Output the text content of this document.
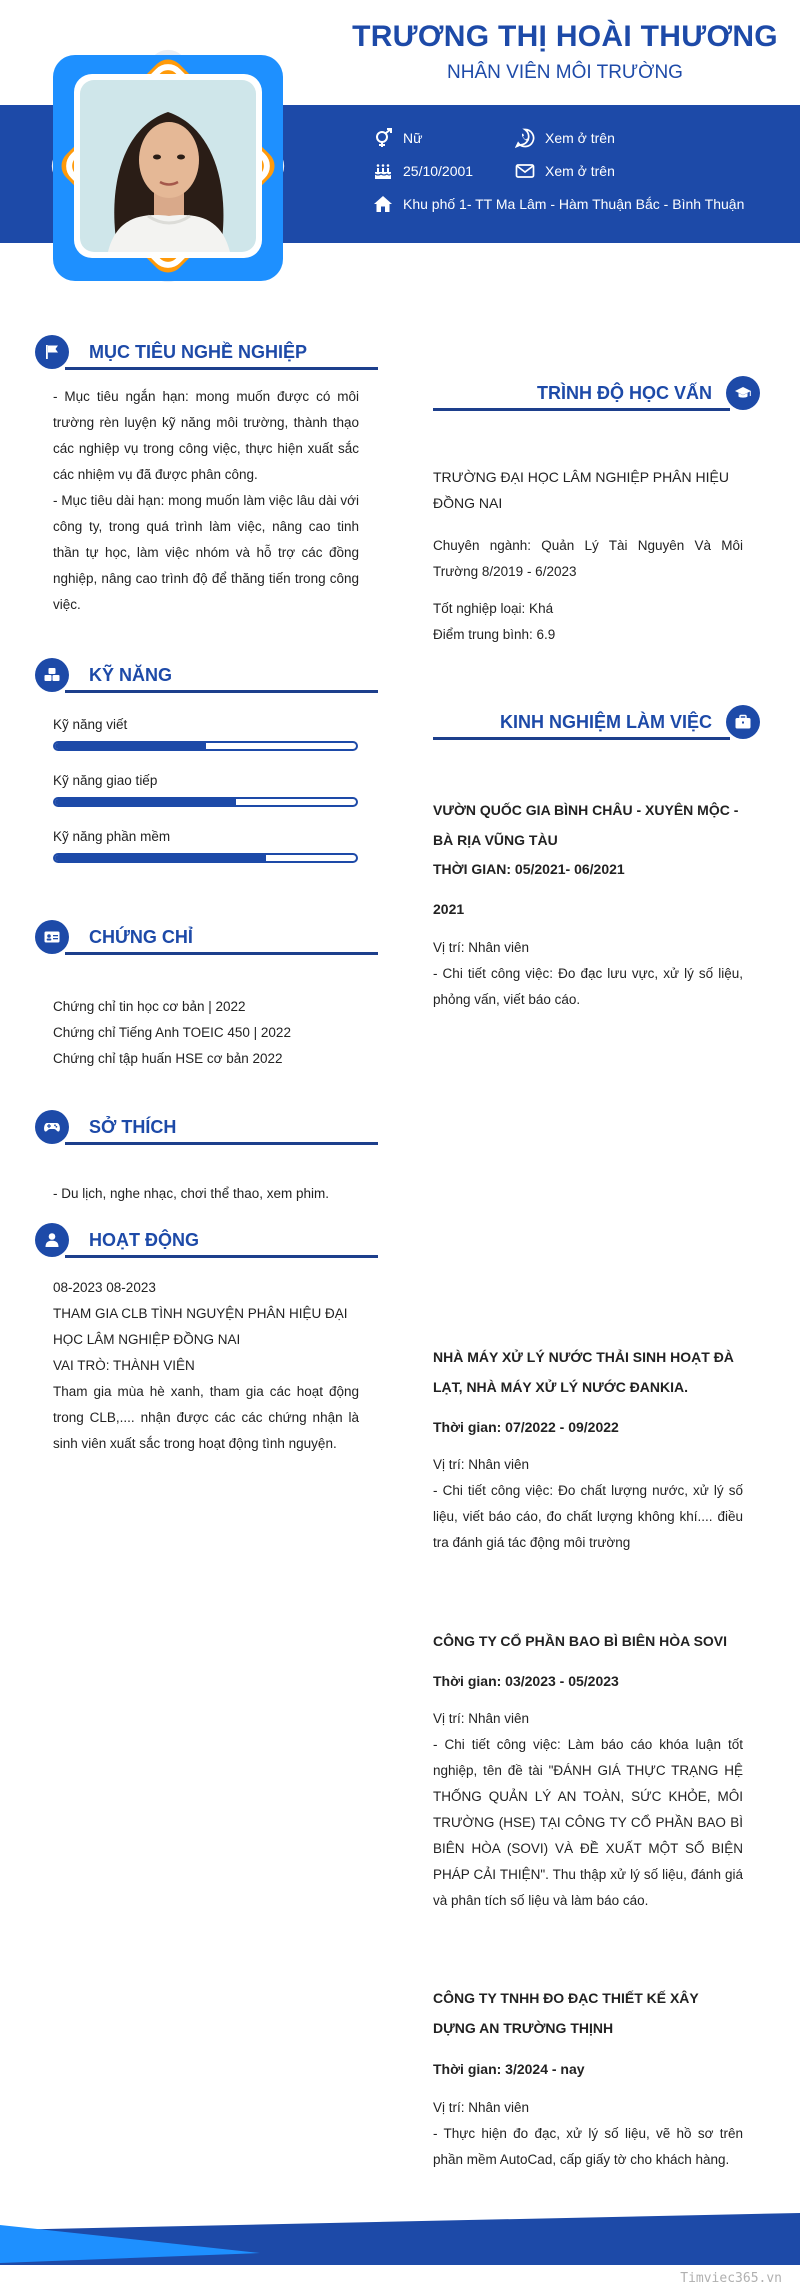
TRƯƠNG THỊ HOÀI THƯƠNG
NHÂN VIÊN MÔI TRƯỜNG
Nữ	Xem ở trên
25/10/2001	Xem ở trên
Khu phố 1- TT Ma Lâm - Hàm Thuận Bắc - Bình Thuận
MỤC TIÊU NGHỀ NGHIỆP
- Mục tiêu ngắn hạn: mong muốn được có môi trường rèn luyện kỹ năng môi trường, thành thạo các nghiệp vụ trong công việc, thực hiện xuất sắc các nhiệm vụ đã được phân công.
- Mục tiêu dài hạn: mong muốn làm việc lâu dài với công ty, trong quá trình làm việc, nâng cao tinh thần tự học, làm việc nhóm và hỗ trợ các đồng nghiệp, nâng cao trình độ để thăng tiến trong công việc.
KỸ NĂNG
Kỹ năng viết
Kỹ năng giao tiếp
Kỹ năng phần mềm
CHỨNG CHỈ
Chứng chỉ tin học cơ bản | 2022
Chứng chỉ Tiếng Anh TOEIC 450 | 2022
Chứng chỉ tập huấn HSE cơ bản 2022
SỞ THÍCH
- Du lịch, nghe nhạc, chơi thể thao, xem phim.
HOẠT ĐỘNG
08-2023 08-2023
THAM GIA CLB TÌNH NGUYỆN PHÂN HIỆU ĐẠI HỌC LÂM NGHIỆP ĐỒNG NAI
VAI TRÒ: THÀNH VIÊN
Tham gia mùa hè xanh, tham gia các hoạt động trong CLB,.... nhận được các các chứng nhận là sinh viên xuất sắc trong hoạt động tình nguyện.
TRÌNH ĐỘ HỌC VẤN
TRƯỜNG ĐẠI HỌC LÂM NGHIỆP PHÂN HIỆU ĐỒNG NAI
Chuyên ngành: Quản Lý Tài Nguyên Và Môi Trường 8/2019 - 6/2023
Tốt nghiệp loại: Khá
Điểm trung bình: 6.9
KINH NGHIỆM LÀM VIỆC
VƯỜN QUỐC GIA BÌNH CHÂU - XUYÊN MỘC - BÀ RỊA VŨNG TÀU
THỜI GIAN: 05/2021- 06/2021
2021
Vị trí: Nhân viên
- Chi tiết công việc: Đo đạc lưu vực, xử lý số liệu, phỏng vấn, viết báo cáo.
NHÀ MÁY XỬ LÝ NƯỚC THẢI SINH HOẠT ĐÀ LẠT, NHÀ MÁY XỬ LÝ NƯỚC ĐANKIA.
Thời gian: 07/2022 - 09/2022
Vị trí: Nhân viên
- Chi tiết công việc: Đo chất lượng nước, xử lý số liệu, viết báo cáo, đo chất lượng không khí.... điều tra đánh giá tác động môi trường
CÔNG TY CỔ PHẦN BAO BÌ BIÊN HÒA SOVI
Thời gian: 03/2023 - 05/2023
Vị trí: Nhân viên
- Chi tiết công việc: Làm báo cáo khóa luận tốt nghiệp, tên đề tài "ĐÁNH GIÁ THỰC TRẠNG HỆ THỐNG QUẢN LÝ AN TOÀN, SỨC KHỎE, MÔI TRƯỜNG (HSE) TẠI CÔNG TY CỔ PHẦN BAO BÌ BIÊN HÒA (SOVI) VÀ ĐỀ XUẤT MỘT SỐ BIỆN PHÁP CẢI THIỆN". Thu thập xử lý số liệu, đánh giá và phân tích số liệu và làm báo cáo.
CÔNG TY TNHH ĐO ĐẠC THIẾT KẾ XÂY DỰNG AN TRƯỜNG THỊNH
Thời gian: 3/2024 - nay
Vị trí: Nhân viên
- Thực hiện đo đạc, xử lý số liệu, vẽ hồ sơ trên phần mềm AutoCad, cấp giấy tờ cho khách hàng.
Timviec365.vn
